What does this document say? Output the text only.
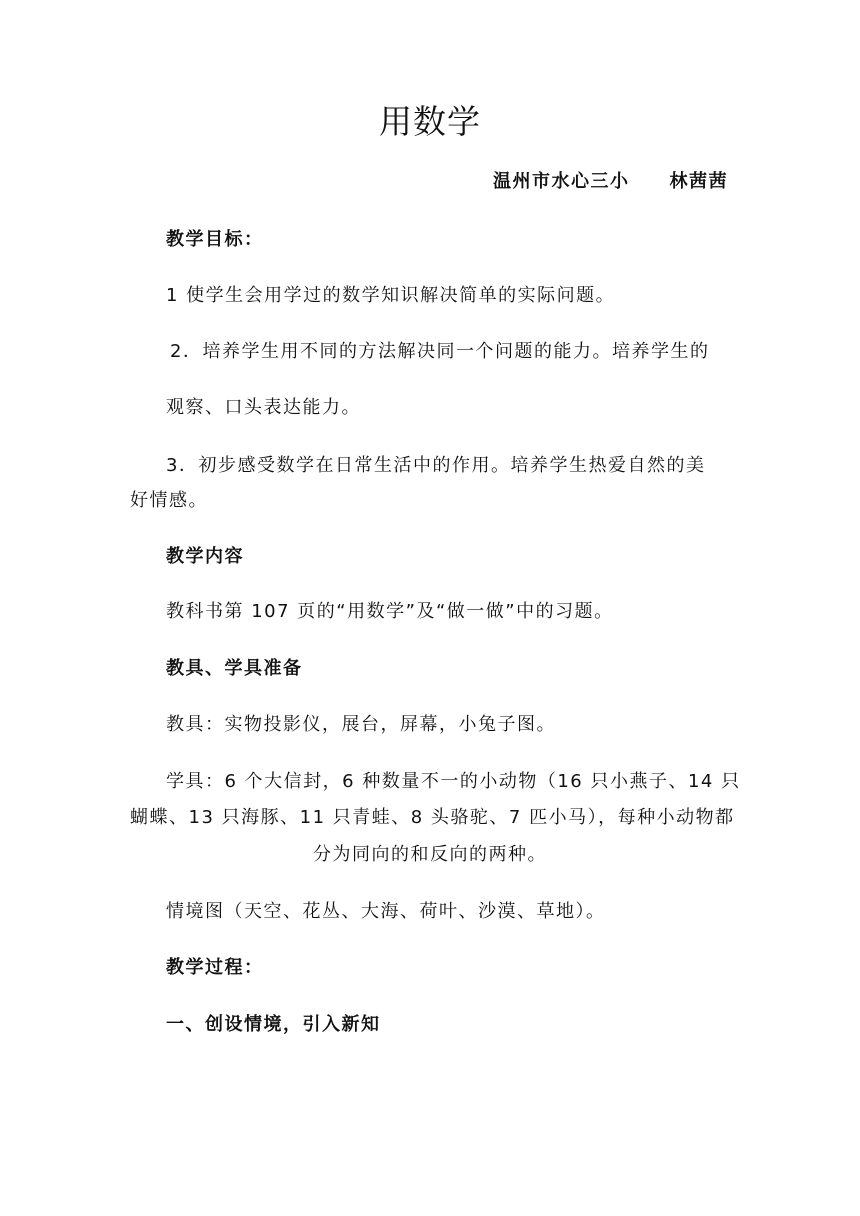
用数学
温州市水心三小 林茜茜
教学目标：
1 使学生会用学过的数学知识解决简单的实际问题。
2．培养学生用不同的方法解决同一个问题的能力。培养学生的
观察、口头表达能力。
3．初步感受数学在日常生活中的作用。培养学生热爱自然的美
好情感。
教学内容
教科书第 107 页的“用数学”及“做一做”中的习题。
教具、学具准备
教具：实物投影仪，展台，屏幕，小兔子图。
学具：6 个大信封，6 种数量不一的小动物（16 只小燕子、14 只
蝴蝶、13 只海豚、11 只青蛙、8 头骆驼、7 匹小马），每种小动物都
分为同向的和反向的两种。
情境图（天空、花丛、大海、荷叶、沙漠、草地）。
教学过程：
一、创设情境，引入新知
